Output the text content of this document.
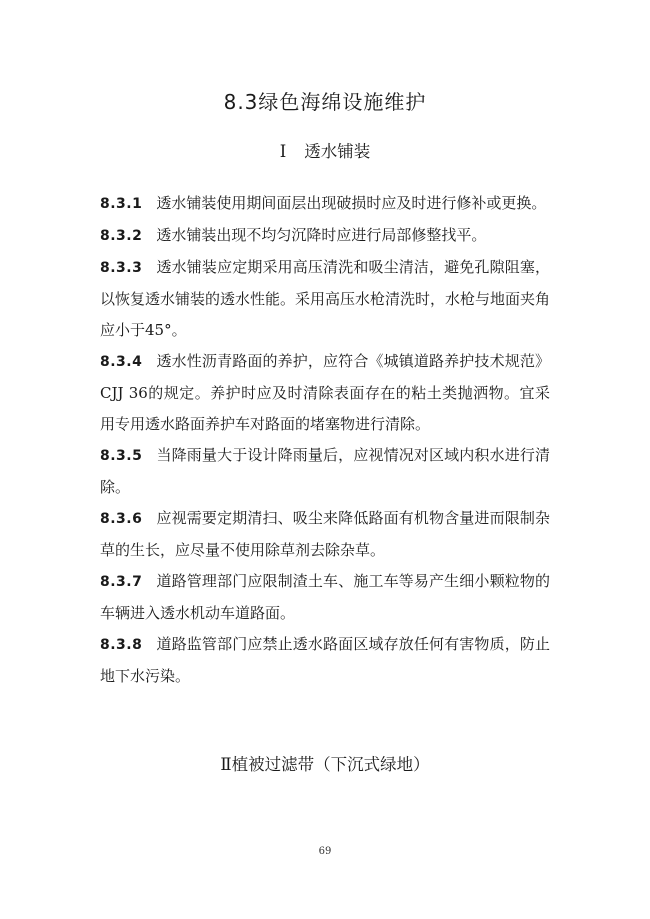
8.3绿色海绵设施维护
Ⅰ 透水铺装

8.3.1 透水铺装使用期间面层出现破损时应及时进行修补或更换。

8.3.2 透水铺装出现不均匀沉降时应进行局部修整找平。

8.3.3 透水铺装应定期采用高压清洗和吸尘清洁，避免孔隙阻塞，以恢复透水铺装的透水性能。采用高压水枪清洗时，水枪与地面夹角应小于45°。

8.3.4 透水性沥青路面的养护，应符合《城镇道路养护技术规范》CJJ 36的规定。养护时应及时清除表面存在的粘土类抛洒物。宜采用专用透水路面养护车对路面的堵塞物进行清除。

8.3.5 当降雨量大于设计降雨量后，应视情况对区域内积水进行清除。

8.3.6 应视需要定期清扫、吸尘来降低路面有机物含量进而限制杂草的生长，应尽量不使用除草剂去除杂草。

8.3.7 道路管理部门应限制渣土车、施工车等易产生细小颗粒物的车辆进入透水机动车道路面。

8.3.8 道路监管部门应禁止透水路面区域存放任何有害物质，防止地下水污染。

Ⅱ植被过滤带（下沉式绿地）
69
